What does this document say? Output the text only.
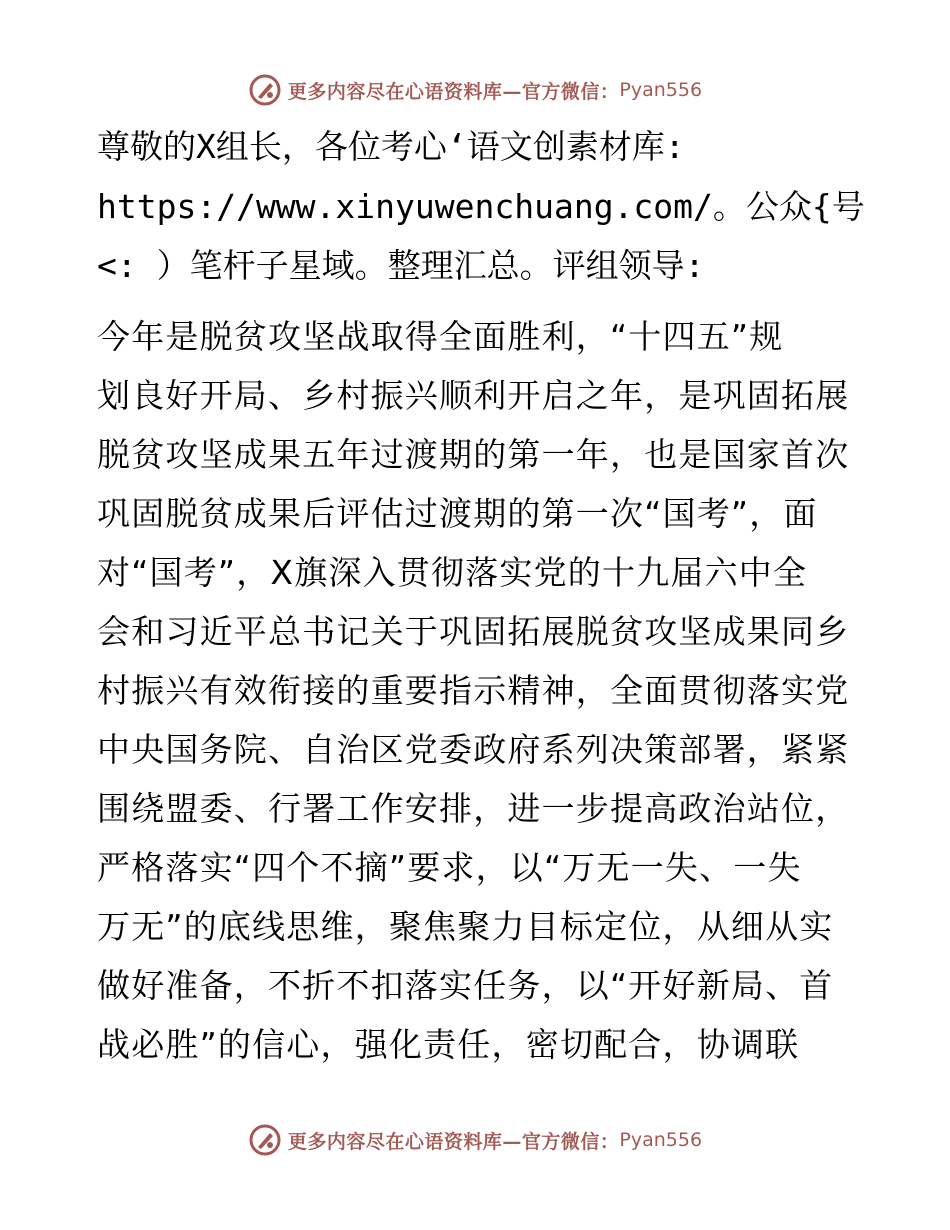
更多内容尽在心语资料库—官方微信： Pyan556
尊敬的X组长，各位考心‘语文创素材库:
https://www.xinyuwenchuang.com/。公众{号
<: ）笔杆子星域。整理汇总。评组领导:
今年是脱贫攻坚战取得全面胜利，“十四五”规
划良好开局、乡村振兴顺利开启之年，是巩固拓展
脱贫攻坚成果五年过渡期的第一年，也是国家首次
巩固脱贫成果后评估过渡期的第一次“国考”，面
对“国考”，X旗深入贯彻落实党的十九届六中全
会和习近平总书记关于巩固拓展脱贫攻坚成果同乡
村振兴有效衔接的重要指示精神，全面贯彻落实党
中央国务院、自治区党委政府系列决策部署，紧紧
围绕盟委、行署工作安排，进一步提高政治站位，
严格落实“四个不摘”要求，以“万无一失、一失
万无”的底线思维，聚焦聚力目标定位，从细从实
做好准备，不折不扣落实任务，以“开好新局、首
战必胜”的信心，强化责任，密切配合，协调联
更多内容尽在心语资料库—官方微信： Pyan556
